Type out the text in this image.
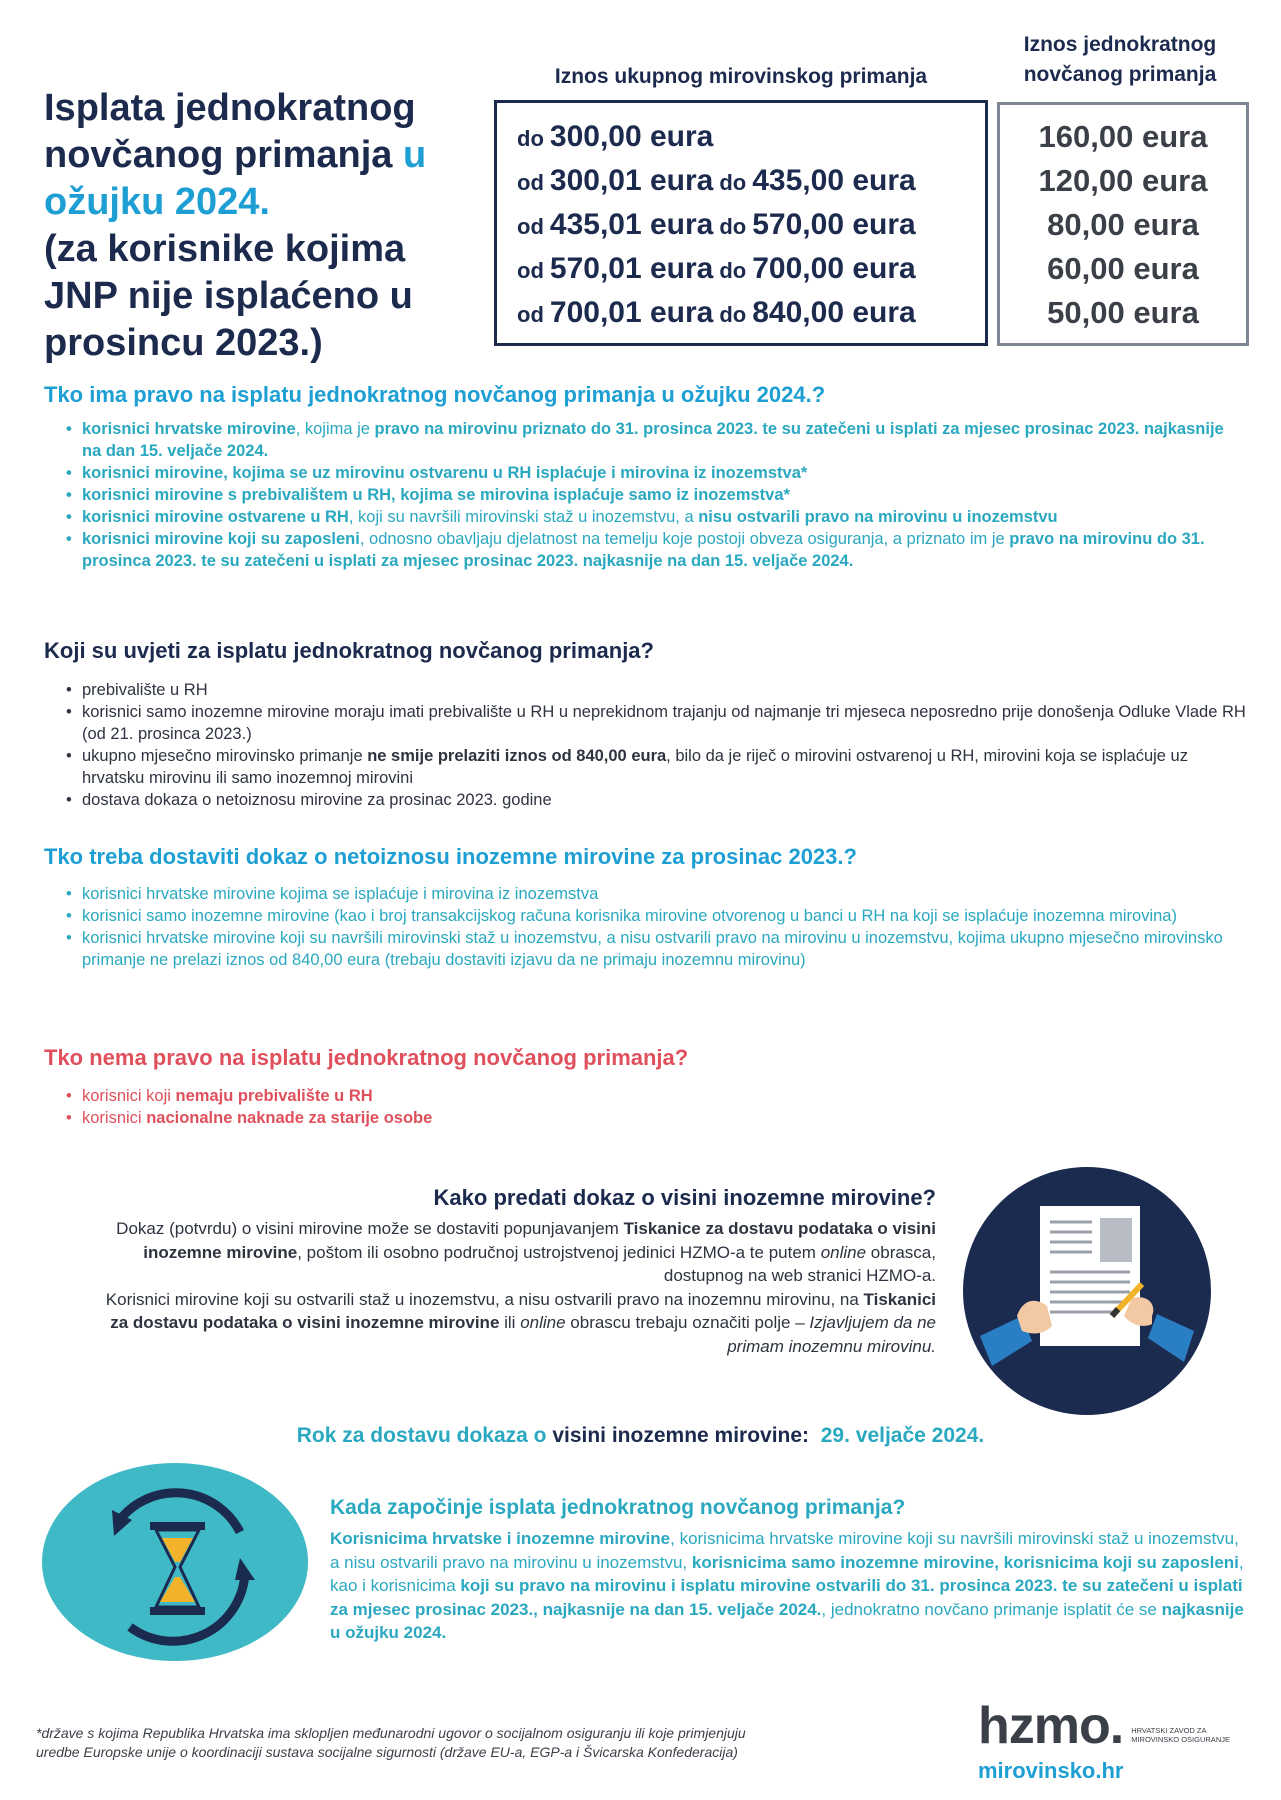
Isplata jednokratnog
novčanog primanja u
ožujku 2024.
(za korisnike kojima
JNP nije isplaćeno u
prosincu 2023.)
Iznos ukupnog mirovinskog primanja
Iznos jednokratnog
novčanog primanja
do 300,00 eura
od 300,01 eura do 435,00 eura
od 435,01 eura do 570,00 eura
od 570,01 eura do 700,00 eura
od 700,01 eura do 840,00 eura
160,00 eura
120,00 eura
80,00 eura
60,00 eura
50,00 eura
Tko ima pravo na isplatu jednokratnog novčanog primanja u ožujku 2024.?
• korisnici hrvatske mirovine, kojima je pravo na mirovinu priznato do 31. prosinca 2023. te su zatečeni u isplati za mjesec prosinac 2023. najkasnije na dan 15. veljače 2024.
• korisnici mirovine, kojima se uz mirovinu ostvarenu u RH isplaćuje i mirovina iz inozemstva*
• korisnici mirovine s prebivalištem u RH, kojima se mirovina isplaćuje samo iz inozemstva*
• korisnici mirovine ostvarene u RH, koji su navršili mirovinski staž u inozemstvu, a nisu ostvarili pravo na mirovinu u inozemstvu
• korisnici mirovine koji su zaposleni, odnosno obavljaju djelatnost na temelju koje postoji obveza osiguranja, a priznato im je pravo na mirovinu do 31. prosinca 2023. te su zatečeni u isplati za mjesec prosinac 2023. najkasnije na dan 15. veljače 2024.
Koji su uvjeti za isplatu jednokratnog novčanog primanja?
• prebivalište u RH
• korisnici samo inozemne mirovine moraju imati prebivalište u RH u neprekidnom trajanju od najmanje tri mjeseca neposredno prije donošenja Odluke Vlade RH (od 21. prosinca 2023.)
• ukupno mjesečno mirovinsko primanje ne smije prelaziti iznos od 840,00 eura, bilo da je riječ o mirovini ostvarenoj u RH, mirovini koja se isplaćuje uz hrvatsku mirovinu ili samo inozemnoj mirovini
• dostava dokaza o netoiznosu mirovine za prosinac 2023. godine
Tko treba dostaviti dokaz o netoiznosu inozemne mirovine za prosinac 2023.?
• korisnici hrvatske mirovine kojima se isplaćuje i mirovina iz inozemstva
• korisnici samo inozemne mirovine (kao i broj transakcijskog računa korisnika mirovine otvorenog u banci u RH na koji se isplaćuje inozemna mirovina)
• korisnici hrvatske mirovine koji su navršili mirovinski staž u inozemstvu, a nisu ostvarili pravo na mirovinu u inozemstvu, kojima ukupno mjesečno mirovinsko primanje ne prelazi iznos od 840,00 eura (trebaju dostaviti izjavu da ne primaju inozemnu mirovinu)
Tko nema pravo na isplatu jednokratnog novčanog primanja?
• korisnici koji nemaju prebivalište u RH
• korisnici nacionalne naknade za starije osobe
Kako predati dokaz o visini inozemne mirovine?
Dokaz (potvrdu) o visini mirovine može se dostaviti popunjavanjem Tiskanice za dostavu podataka o visini inozemne mirovine, poštom ili osobno područnoj ustrojstvenoj jedinici HZMO-a te putem online obrasca, dostupnog na web stranici HZMO-a.
Korisnici mirovine koji su ostvarili staž u inozemstvu, a nisu ostvarili pravo na inozemnu mirovinu, na Tiskanici za dostavu podataka o visini inozemne mirovine ili online obrascu trebaju označiti polje – Izjavljujem da ne primam inozemnu mirovinu.
Rok za dostavu dokaza o visini inozemne mirovine: 29. veljače 2024.
Kada započinje isplata jednokratnog novčanog primanja?
Korisnicima hrvatske i inozemne mirovine, korisnicima hrvatske mirovine koji su navršili mirovinski staž u inozemstvu, a nisu ostvarili pravo na mirovinu u inozemstvu, korisnicima samo inozemne mirovine, korisnicima koji su zaposleni, kao i korisnicima koji su pravo na mirovinu i isplatu mirovine ostvarili do 31. prosinca 2023. te su zatečeni u isplati za mjesec prosinac 2023., najkasnije na dan 15. veljače 2024., jednokratno novčano primanje isplatit će se najkasnije u ožujku 2024.
*države s kojima Republika Hrvatska ima sklopljen međunarodni ugovor o socijalnom osiguranju ili koje primjenjuju
uredbe Europske unije o koordinaciji sustava socijalne sigurnosti (države EU-a, EGP-a i Švicarska Konfederacija)	hzmo. HRVATSKI ZAVOD ZA
MIROVINSKO OSIGURANJE
mirovinsko.hr
